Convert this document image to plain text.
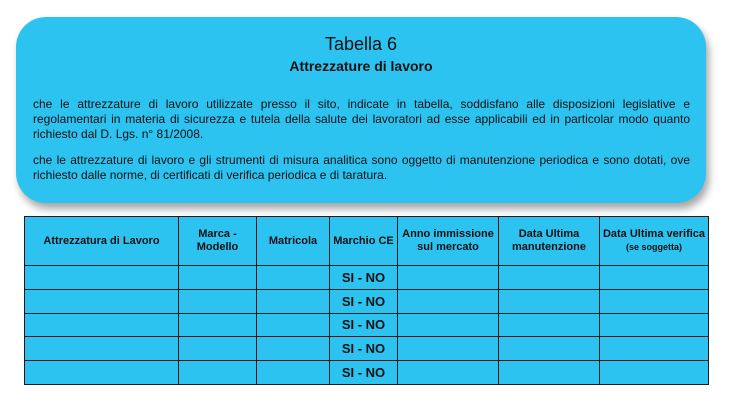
Tabella 6
Attrezzature di lavoro
che le attrezzature di lavoro utilizzate presso il sito, indicate in tabella, soddisfano alle disposizioni legislative e regolamentari in materia di sicurezza e tutela della salute dei lavoratori ad esse applicabili ed in particolar modo quanto richiesto dal D. Lgs. n° 81/2008.
che le attrezzature di lavoro e gli strumenti di misura analitica sono oggetto di manutenzione periodica e sono dotati, ove richiesto dalle norme, di certificati di verifica periodica e di taratura.
Attrezzatura di Lavoro	Marca - Modello	Matricola	Marchio CE	Anno immissione sul mercato	Data Ultima manutenzione	Data Ultima verifica (se soggetta)
			SI - NO			
			SI - NO			
			SI - NO			
			SI - NO			
			SI - NO			
